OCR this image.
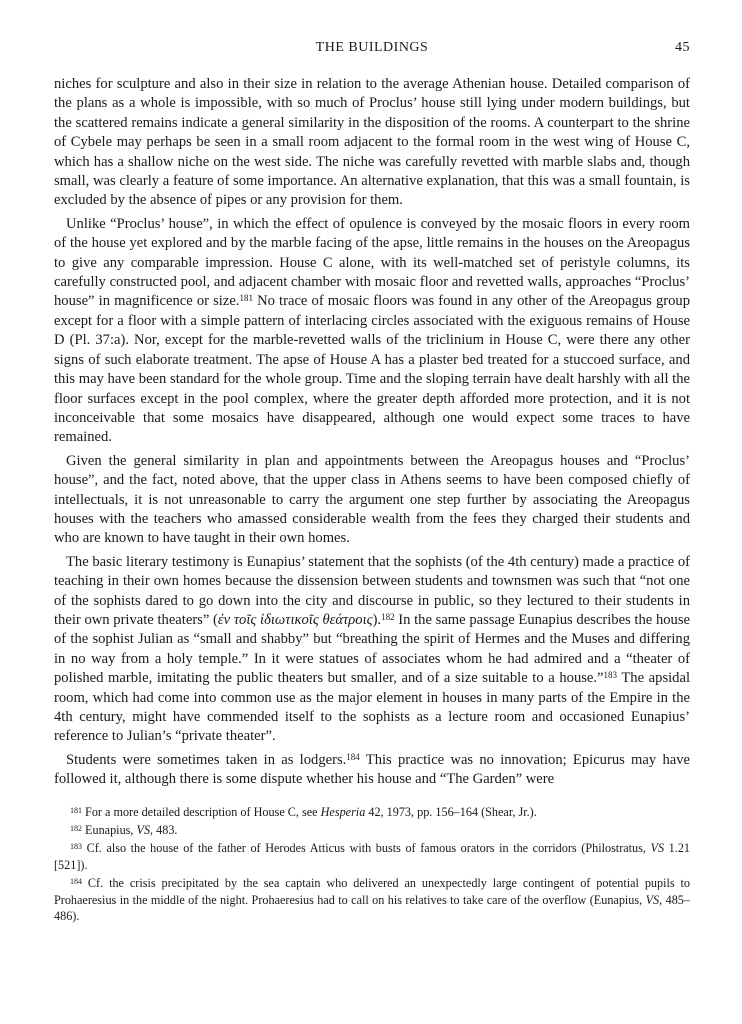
THE BUILDINGS	45

niches for sculpture and also in their size in relation to the average Athenian house. Detailed comparison of the plans as a whole is impossible, with so much of Proclus’ house still lying under modern buildings, but the scattered remains indicate a general similarity in the disposition of the rooms. A counterpart to the shrine of Cybele may perhaps be seen in a small room adjacent to the formal room in the west wing of House C, which has a shallow niche on the west side. The niche was carefully revetted with marble slabs and, though small, was clearly a feature of some importance. An alternative explanation, that this was a small fountain, is excluded by the absence of pipes or any provision for them.

Unlike “Proclus’ house”, in which the effect of opulence is conveyed by the mosaic floors in every room of the house yet explored and by the marble facing of the apse, little remains in the houses on the Areopagus to give any comparable impression. House C alone, with its well-matched set of peristyle columns, its carefully constructed pool, and adjacent chamber with mosaic floor and revetted walls, approaches “Proclus’ house” in magnificence or size.$^{181}$ No trace of mosaic floors was found in any other of the Areopagus group except for a floor with a simple pattern of interlacing circles associated with the exiguous remains of House D (Pl. 37:a). Nor, except for the marble-revetted walls of the triclinium in House C, were there any other signs of such elaborate treatment. The apse of House A has a plaster bed treated for a stuccoed surface, and this may have been standard for the whole group. Time and the sloping terrain have dealt harshly with all the floor surfaces except in the pool complex, where the greater depth afforded more protection, and it is not inconceivable that some mosaics have disappeared, although one would expect some traces to have remained.

Given the general similarity in plan and appointments between the Areopagus houses and “Proclus’ house”, and the fact, noted above, that the upper class in Athens seems to have been composed chiefly of intellectuals, it is not unreasonable to carry the argument one step further by associating the Areopagus houses with the teachers who amassed considerable wealth from the fees they charged their students and who are known to have taught in their own homes.

The basic literary testimony is Eunapius’ statement that the sophists (of the 4th century) made a practice of teaching in their own homes because the dissension between students and townsmen was such that “not one of the sophists dared to go down into the city and discourse in public, so they lectured to their students in their own private theaters” (ἐν τοῖς ἰδιωτικοῖς θεάτροις).$^{182}$ In the same passage Eunapius describes the house of the sophist Julian as “small and shabby” but “breathing the spirit of Hermes and the Muses and differing in no way from a holy temple.” In it were statues of associates whom he had admired and a “theater of polished marble, imitating the public theaters but smaller, and of a size suitable to a house.”$^{183}$ The apsidal room, which had come into common use as the major element in houses in many parts of the Empire in the 4th century, might have commended itself to the sophists as a lecture room and occasioned Eunapius’ reference to Julian’s “private theater”.

Students were sometimes taken in as lodgers.$^{184}$ This practice was no innovation; Epicurus may have followed it, although there is some dispute whether his house and “The Garden” were

$^{181}$ For a more detailed description of House C, see Hesperia 42, 1973, pp. 156–164 (Shear, Jr.).

$^{182}$ Eunapius, VS, 483.

$^{183}$ Cf. also the house of the father of Herodes Atticus with busts of famous orators in the corridors (Philostratus, VS 1.21 [521]).

$^{184}$ Cf. the crisis precipitated by the sea captain who delivered an unexpectedly large contingent of potential pupils to Prohaeresius in the middle of the night. Prohaeresius had to call on his relatives to take care of the overflow (Eunapius, VS, 485–486).
